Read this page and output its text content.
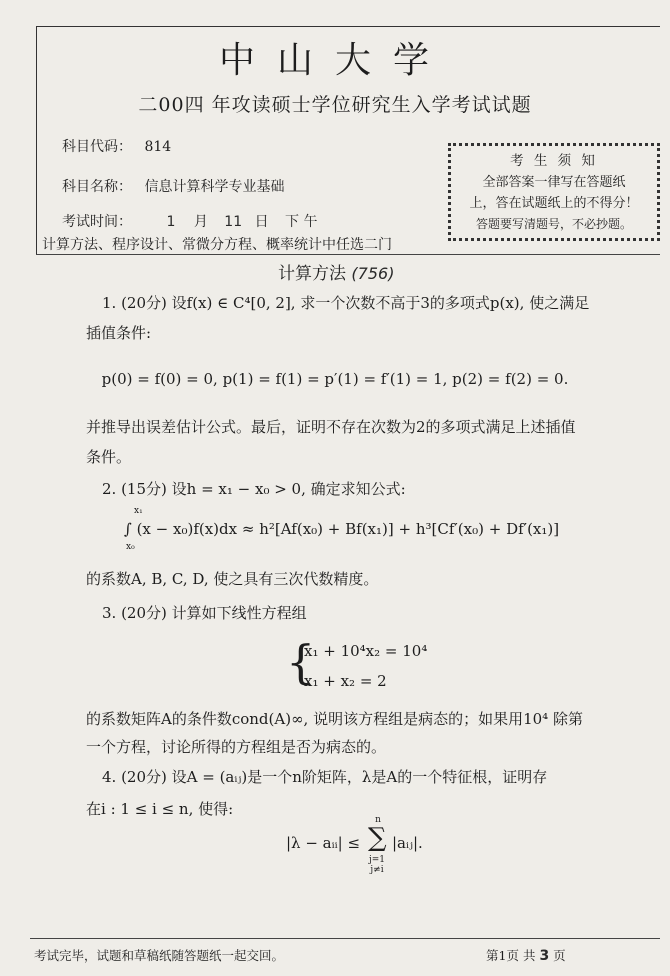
中山大学
二00四 年攻读硕士学位研究生入学考试试题
科目代码： 814
科目名称： 信息计算科学专业基础
考试时间： 1 月 11 日 下 午
计算方法、程序设计、常微分方程、概率统计中任选二门
考 生 须 知
全部答案一律写在答题纸
上，答在试题纸上的不得分！
答题要写清题号，不必抄题。
计算方法 (756)
1. (20分) 设f(x) ∈ C⁴[0, 2], 求一个次数不高于3的多项式p(x), 使之满足
插值条件:
p(0) = f(0) = 0, p(1) = f(1) = p′(1) = f′(1) = 1, p(2) = f(2) = 0.
并推导出误差估计公式。最后，证明不存在次数为2的多项式满足上述插值
条件。
2. (15分) 设h = x₁ − x₀ > 0, 确定求知公式:
x₁
x₀
∫ (x − x₀)f(x)dx ≈ h²[Af(x₀) + Bf(x₁)] + h³[Cf′(x₀) + Df′(x₁)]
的系数A, B, C, D, 使之具有三次代数精度。
3. (20分) 计算如下线性方程组
{
x₁ + 10⁴x₂ = 10⁴
x₁ + x₂ = 2
的系数矩阵A的条件数cond(A)∞, 说明该方程组是病态的；如果用10⁴ 除第
一个方程，讨论所得的方程组是否为病态的。
4. (20分) 设A = (aᵢⱼ)是一个n阶矩阵，λ是A的一个特征根，证明存
在i : 1 ≤ i ≤ n, 使得:
|λ − aᵢᵢ| ≤
n
∑
j=1
j≠i
|aᵢⱼ|.
考试完毕，试题和草稿纸随答题纸一起交回。	第1页 共 3 页
